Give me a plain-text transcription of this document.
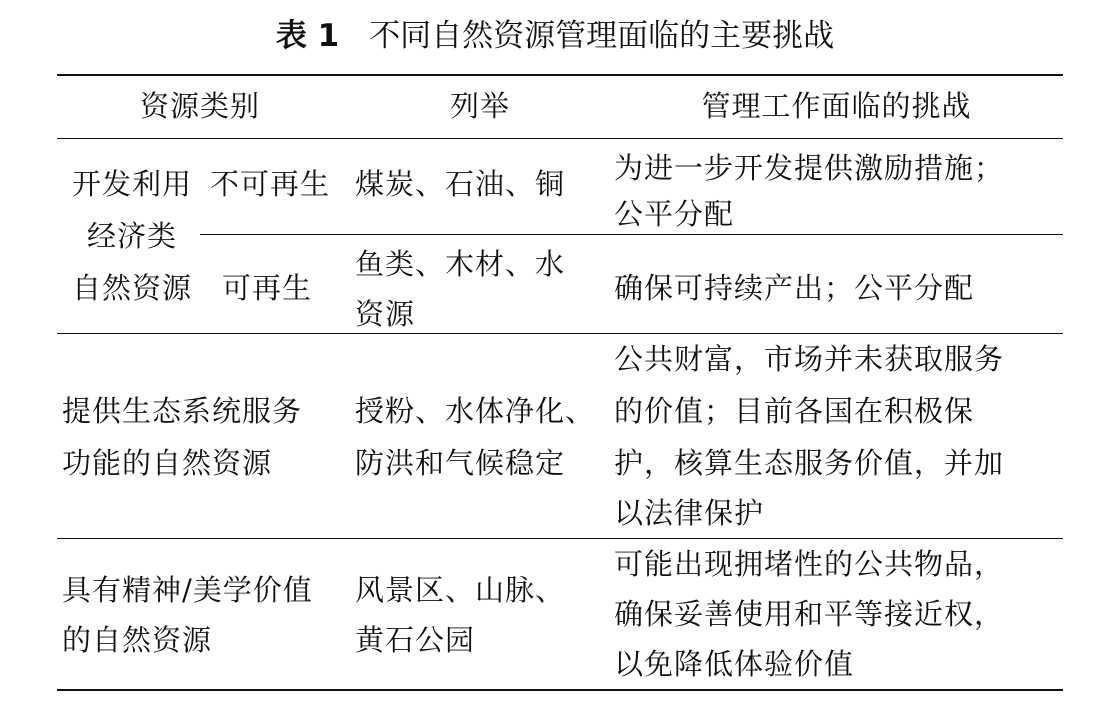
表 1 不同自然资源管理面临的主要挑战
资源类别	列举	管理工作面临的挑战
开发利用
经济类
自然资源
不可再生 煤炭、石油、铜 为进一步开发提供激励措施；
公平分配
可再生
鱼类、木材、水
资源
确保可持续产出；公平分配
提供生态系统服务
功能的自然资源
授粉、水体净化、
防洪和气候稳定
公共财富，市场并未获取服务
的价值；目前各国在积极保
护，核算生态服务价值，并加
以法律保护
具有精神/美学价值
的自然资源
风景区、山脉、
黄石公园
可能出现拥堵性的公共物品，
确保妥善使用和平等接近权，
以免降低体验价值
